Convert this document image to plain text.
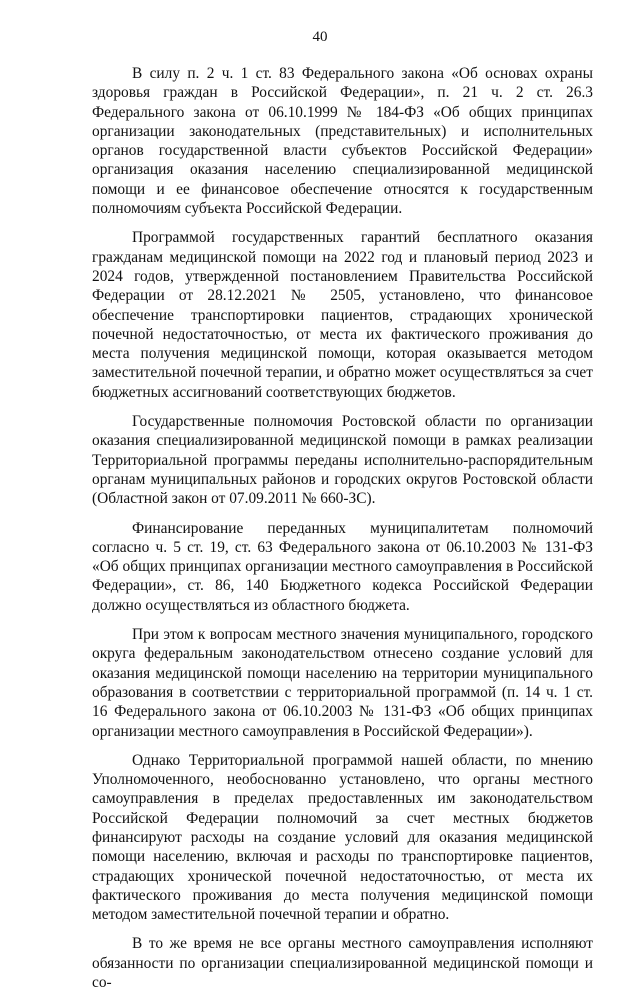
40

В силу п. 2 ч. 1 ст. 83 Федерального закона «Об основах охраны здоровья граждан в Российской Федерации», п. 21 ч. 2 ст. 26.3 Федерального закона от 06.10.1999 № 184-ФЗ «Об общих принципах организации законодательных (представительных) и исполнительных органов государственной власти субъектов Российской Федерации» организация оказания населению специализированной медицинской помощи и ее финансовое обеспечение относятся к государственным полномочиям субъекта Российской Федерации.

Программой государственных гарантий бесплатного оказания гражданам медицинской помощи на 2022 год и плановый период 2023 и 2024 годов, утвержденной постановлением Правительства Российской Федерации от 28.12.2021 № 2505, установлено, что финансовое обеспечение транспортировки пациентов, страдающих хронической почечной недостаточностью, от места их фактического проживания до места получения медицинской помощи, которая оказывается методом заместительной почечной терапии, и обратно может осуществляться за счет бюджетных ассигнований соответствующих бюджетов.

Государственные полномочия Ростовской области по организации оказания специализированной медицинской помощи в рамках реализации Территориальной программы переданы исполнительно-распорядительным органам муниципальных районов и городских округов Ростовской области (Областной закон от 07.09.2011 № 660-ЗС).

Финансирование переданных муниципалитетам полномочий согласно ч. 5 ст. 19, ст. 63 Федерального закона от 06.10.2003 № 131-ФЗ «Об общих принципах организации местного самоуправления в Российской Федерации», ст. 86, 140 Бюджетного кодекса Российской Федерации должно осуществляться из областного бюджета.

При этом к вопросам местного значения муниципального, городского округа федеральным законодательством отнесено создание условий для оказания медицинской помощи населению на территории муниципального образования в соответствии с территориальной программой (п. 14 ч. 1 ст. 16 Федерального закона от 06.10.2003 № 131-ФЗ «Об общих принципах организации местного самоуправления в Российской Федерации»).

Однако Территориальной программой нашей области, по мнению Уполномоченного, необоснованно установлено, что органы местного самоуправления в пределах предоставленных им законодательством Российской Федерации полномочий за счет местных бюджетов финансируют расходы на создание условий для оказания медицинской помощи населению, включая и расходы по транспортировке пациентов, страдающих хронической почечной недостаточностью, от места их фактического проживания до места получения медицинской помощи методом заместительной почечной терапии и обратно.

В то же время не все органы местного самоуправления исполняют обязанности по организации специализированной медицинской помощи и со-
